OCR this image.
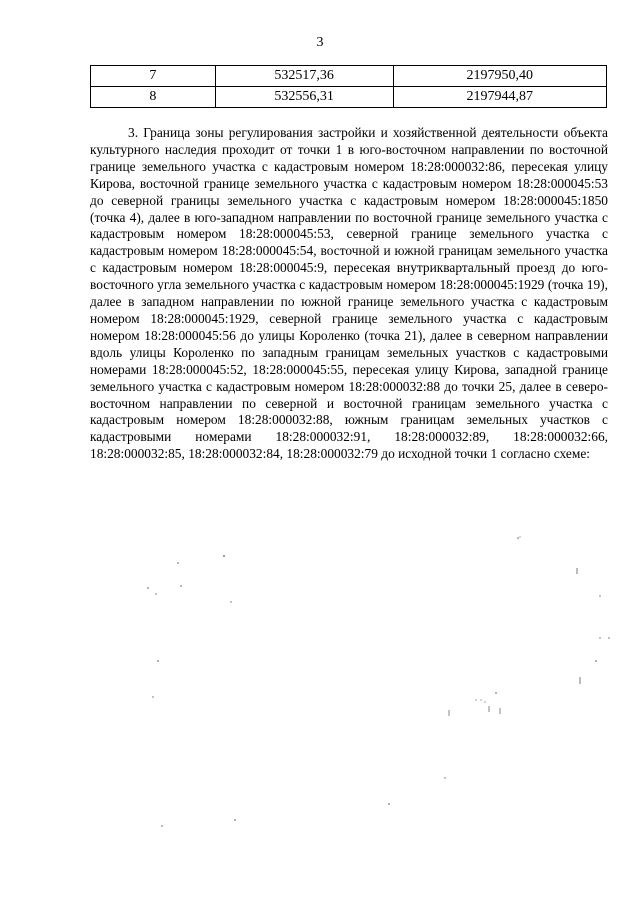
3
7	532517,36	2197950,40
8	532556,31	2197944,87

3. Граница зоны регулирования застройки и хозяйственной деятельности объекта культурного наследия проходит от точки 1 в юго-восточном направлении по восточной границе земельного участка с кадастровым номером 18:28:000032:86, пересекая улицу Кирова, восточной границе земельного участка с кадастровым номером 18:28:000045:53 до северной границы земельного участка с кадастровым номером 18:28:000045:1850 (точка 4), далее в юго-западном направлении по восточной границе земельного участка с кадастровым номером 18:28:000045:53, северной границе земельного участка с кадастровым номером 18:28:000045:54, восточной и южной границам земельного участка с кадастровым номером 18:28:000045:9, пересекая внутриквартальный проезд до юго-восточного угла земельного участка с кадастровым номером 18:28:000045:1929 (точка 19), далее в западном направлении по южной границе земельного участка с кадастровым номером 18:28:000045:1929, северной границе земельного участка с кадастровым номером 18:28:000045:56 до улицы Короленко (точка 21), далее в северном направлении вдоль улицы Короленко по западным границам земельных участков с кадастровыми номерами 18:28:000045:52, 18:28:000045:55, пересекая улицу Кирова, западной границе земельного участка с кадастровым номером 18:28:000032:88 до точки 25, далее в северо-восточном направлении по северной и восточной границам земельного участка с кадастровым номером 18:28:000032:88, южным границам земельных участков с кадастровыми номерами 18:28:000032:91, 18:28:000032:89, 18:28:000032:66, 18:28:000032:85, 18:28:000032:84, 18:28:000032:79 до исходной точки 1 согласно схеме:
